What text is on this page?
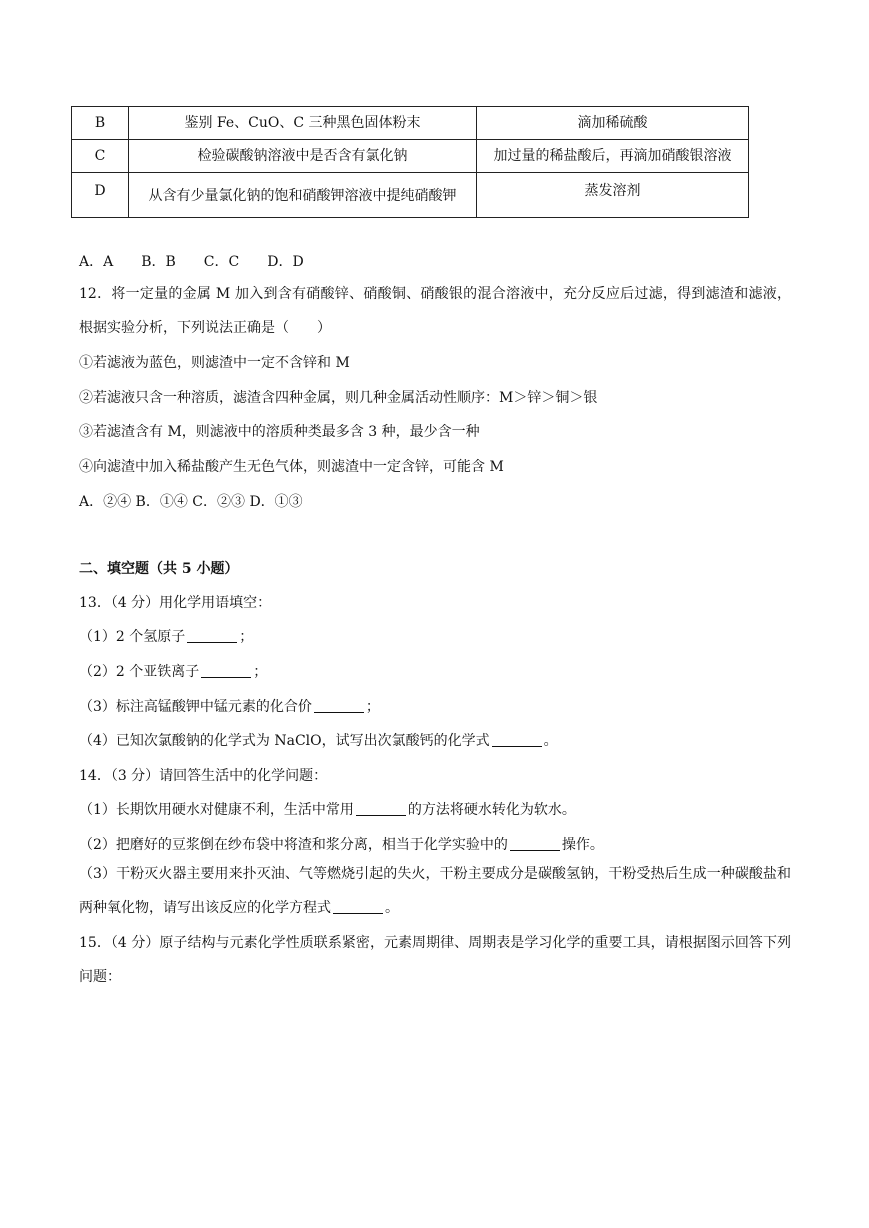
B	鉴别 Fe、CuO、C 三种黑色固体粉末	滴加稀硫酸
C	检验碳酸钠溶液中是否含有氯化钠	加过量的稀盐酸后，再滴加硝酸银溶液
D	从含有少量氯化钠的饱和硝酸钾溶液中提纯硝酸钾	蒸发溶剂
A．A　　B．B　　C．C　　D．D
12．将一定量的金属 M 加入到含有硝酸锌、硝酸铜、硝酸银的混合溶液中，充分反应后过滤，得到滤渣和滤液，根据实验分析，下列说法正确是（　　）
①若滤液为蓝色，则滤渣中一定不含锌和 M
②若滤液只含一种溶质，滤渣含四种金属，则几种金属活动性顺序：M＞锌＞铜＞银
③若滤渣含有 M，则滤液中的溶质种类最多含 3 种，最少含一种
④向滤渣中加入稀盐酸产生无色气体，则滤渣中一定含锌，可能含 M
A．②④ B．①④ C．②③ D．①③
二、填空题（共 5 小题）
13．（4 分）用化学用语填空：
（1）2 个氢原子	；
（2）2 个亚铁离子	；
（3）标注高锰酸钾中锰元素的化合价	；
（4）已知次氯酸钠的化学式为 NaClO，试写出次氯酸钙的化学式	。
14．（3 分）请回答生活中的化学问题：
（1）长期饮用硬水对健康不利，生活中常用	的方法将硬水转化为软水。
（2）把磨好的豆浆倒在纱布袋中将渣和浆分离，相当于化学实验中的	操作。
（3）干粉灭火器主要用来扑灭油、气等燃烧引起的失火，干粉主要成分是碳酸氢钠，干粉受热后生成一种碳酸盐和两种氧化物，请写出该反应的化学方程式	。
15．（4 分）原子结构与元素化学性质联系紧密，元素周期律、周期表是学习化学的重要工具，请根据图示回答下列问题：
